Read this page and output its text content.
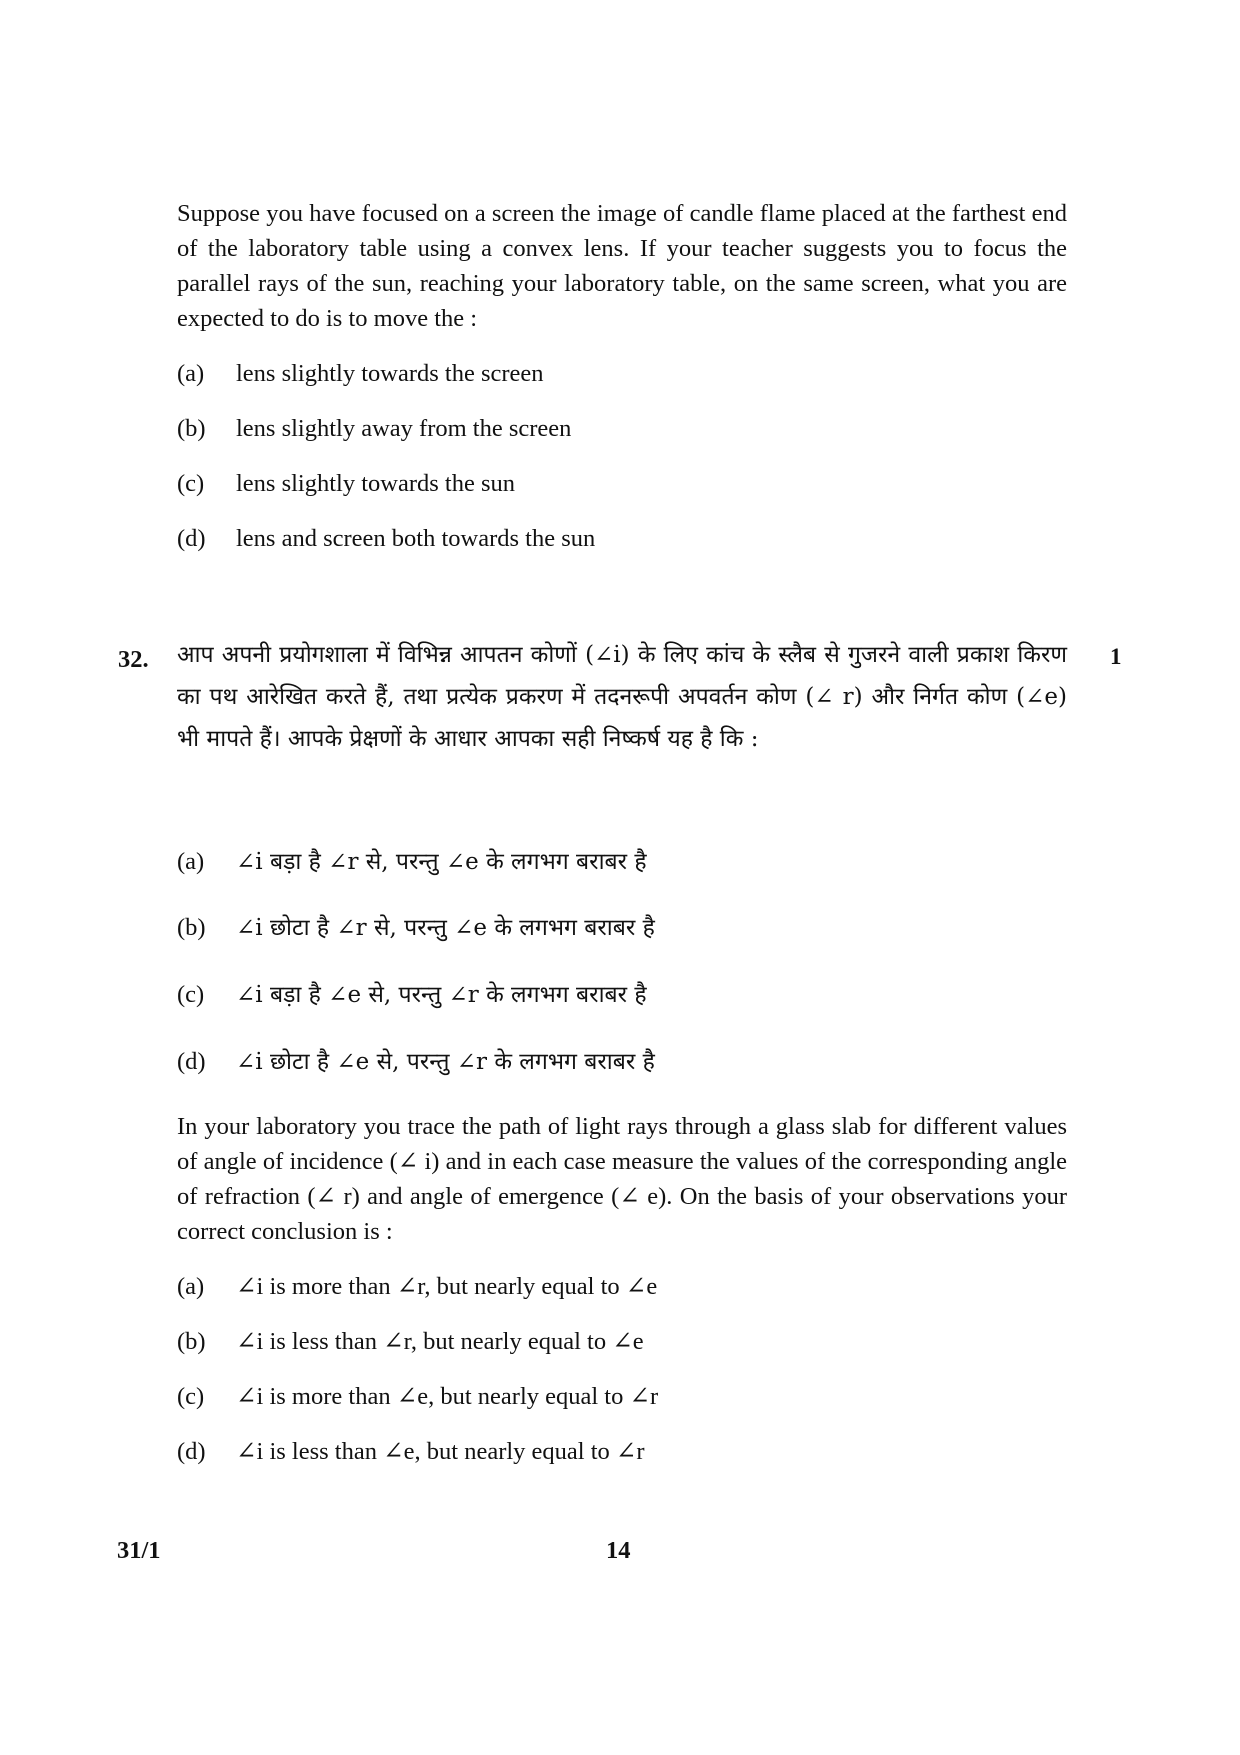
Suppose you have focused on a screen the image of candle flame placed at the farthest end of the laboratory table using a convex lens. If your teacher suggests you to focus the parallel rays of the sun, reaching your laboratory table, on the same screen, what you are expected to do is to move the :
(a) lens slightly towards the screen
(b) lens slightly away from the screen
(c) lens slightly towards the sun
(d) lens and screen both towards the sun
32.	1
आप अपनी प्रयोगशाला में विभिन्न आपतन कोणों (∠i) के लिए कांच के स्लैब से गुजरने वाली प्रकाश किरण का पथ आरेखित करते हैं, तथा प्रत्येक प्रकरण में तदनरूपी अपवर्तन कोण (∠ r) और निर्गत कोण (∠e) भी मापते हैं। आपके प्रेक्षणों के आधार आपका सही निष्कर्ष यह है कि :
(a) ∠i बड़ा है ∠r से, परन्तु ∠e के लगभग बराबर है
(b) ∠i छोटा है ∠r से, परन्तु ∠e के लगभग बराबर है
(c) ∠i बड़ा है ∠e से, परन्तु ∠r के लगभग बराबर है
(d) ∠i छोटा है ∠e से, परन्तु ∠r के लगभग बराबर है
In your laboratory you trace the path of light rays through a glass slab for different values of angle of incidence (∠ i) and in each case measure the values of the corresponding angle of refraction (∠ r) and angle of emergence (∠ e). On the basis of your observations your correct conclusion is :
(a) ∠i is more than ∠r, but nearly equal to ∠e
(b) ∠i is less than ∠r, but nearly equal to ∠e
(c) ∠i is more than ∠e, but nearly equal to ∠r
(d) ∠i is less than ∠e, but nearly equal to ∠r
31/1	14
